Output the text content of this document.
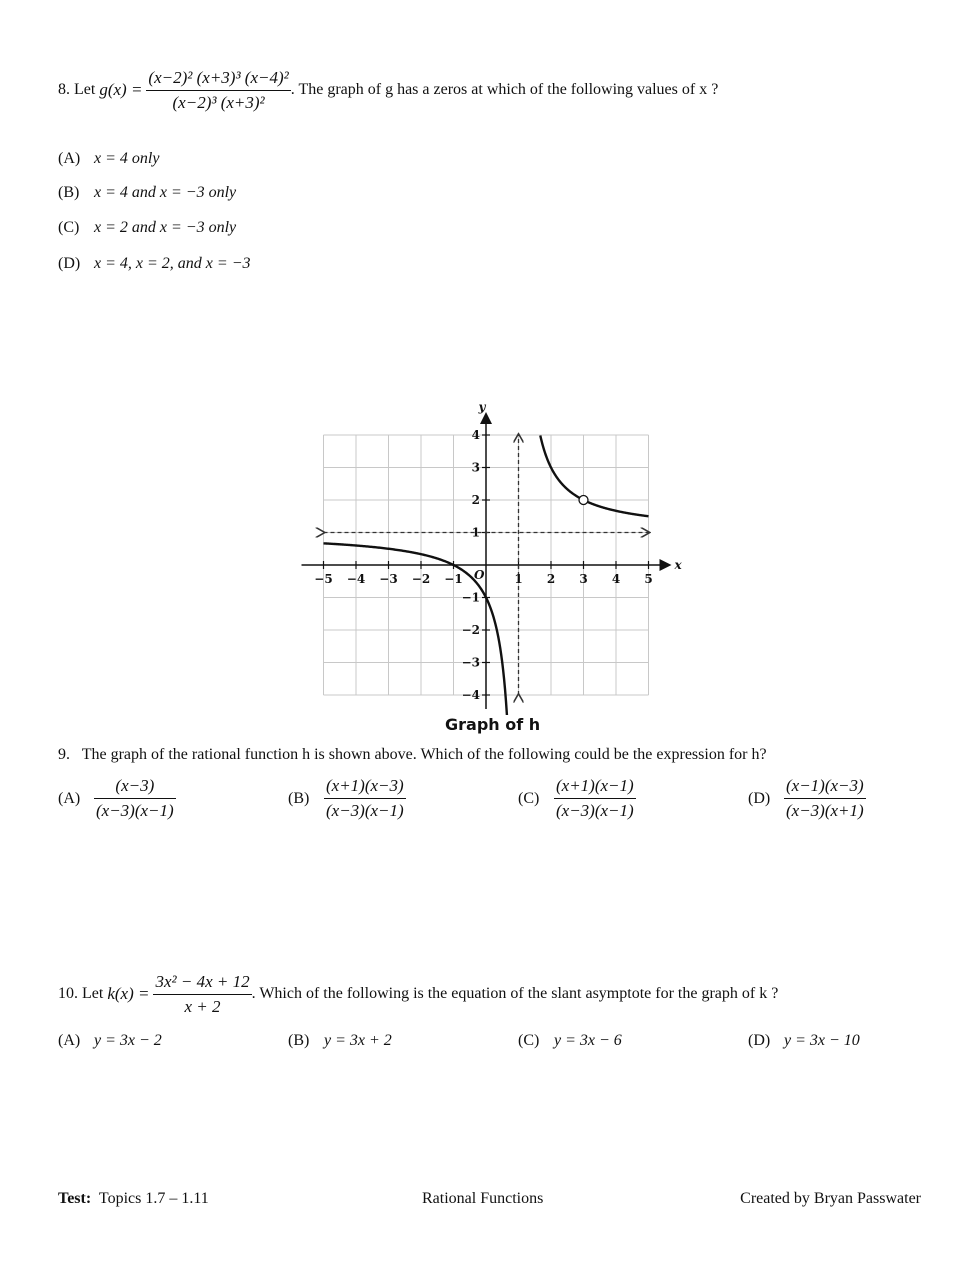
8.
Let
g(x) =
$\frac{\text{(x−2)² (x+3)³ (x−4)²}}{\text{(x−2)³ (x+3)²}}$ . The graph of g has a zeros at which of the following values of x ?
(A) x = 4 only
(B) x = 4 and x = −3 only
(C) x = 2 and x = −3 only
(D) x = 4, x = 2, and x = −3
−5 −4 −3 −2 −1	1 2 3 4 5
4
3
2
1
−1
−2
−3
−4
x
y
O
Graph of h
9. The graph of the rational function h is shown above. Which of the following could be the expression for h?
$(A) \frac{(x-3)}{(x-3)(x-1)}$	$(B) \frac{(x+1)(x-3)}{(x-3)(x-1)}$	$(C) \frac{(x+1)(x-1)}{(x-3)(x-1)}$	$(D) \frac{(x-1)(x-3)}{(x-3)(x+1)}$
10.
Let
k(x) =
$\frac{\text{3x² − 4x + 12}}{x + 2}$ . Which of the following is the equation of the slant asymptote for the graph of k ?
(A) y = 3x − 2	(B) y = 3x + 2	(C) y = 3x − 6	(D) y = 3x − 10
Test: Topics 1.7 – 1.11	Rational Functions	Created by Bryan Passwater
